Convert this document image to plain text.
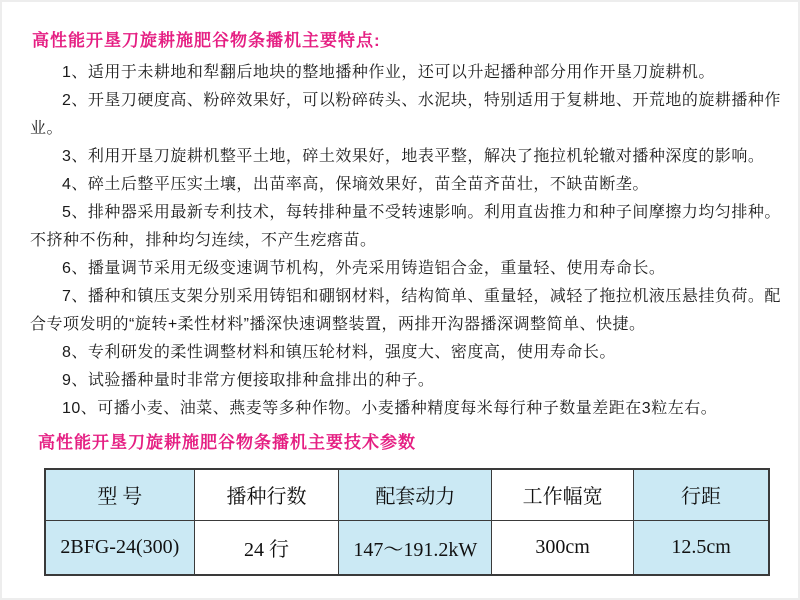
高性能开垦刀旋耕施肥谷物条播机主要特点:

1、适用于未耕地和犁翻后地块的整地播种作业，还可以升起播种部分用作开垦刀旋耕机。

2、开垦刀硬度高、粉碎效果好，可以粉碎砖头、水泥块，特别适用于复耕地、开荒地的旋耕播种作业。

3、利用开垦刀旋耕机整平土地，碎土效果好，地表平整，解决了拖拉机轮辙对播种深度的影响。

4、碎土后整平压实土壤，出苗率高，保墒效果好，苗全苗齐苗壮，不缺苗断垄。

5、排种器采用最新专利技术，每转排种量不受转速影响。利用直齿推力和种子间摩擦力均匀排种。不挤种不伤种，排种均匀连续，不产生疙瘩苗。

6、播量调节采用无级变速调节机构，外壳采用铸造铝合金，重量轻、使用寿命长。

7、播种和镇压支架分别采用铸铝和硼钢材料，结构简单、重量轻，减轻了拖拉机液压悬挂负荷。配合专项发明的“旋转+柔性材料”播深快速调整装置，两排开沟器播深调整简单、快捷。

8、专利研发的柔性调整材料和镇压轮材料，强度大、密度高，使用寿命长。

9、试验播种量时非常方便接取排种盒排出的种子。

10、可播小麦、油菜、燕麦等多种作物。小麦播种精度每米每行种子数量差距在3粒左右。

高性能开垦刀旋耕施肥谷物条播机主要技术参数
型 号	播种行数	配套动力	工作幅宽	行距
2BFG-24(300)	24 行	147～191.2kW	300cm	12.5cm
